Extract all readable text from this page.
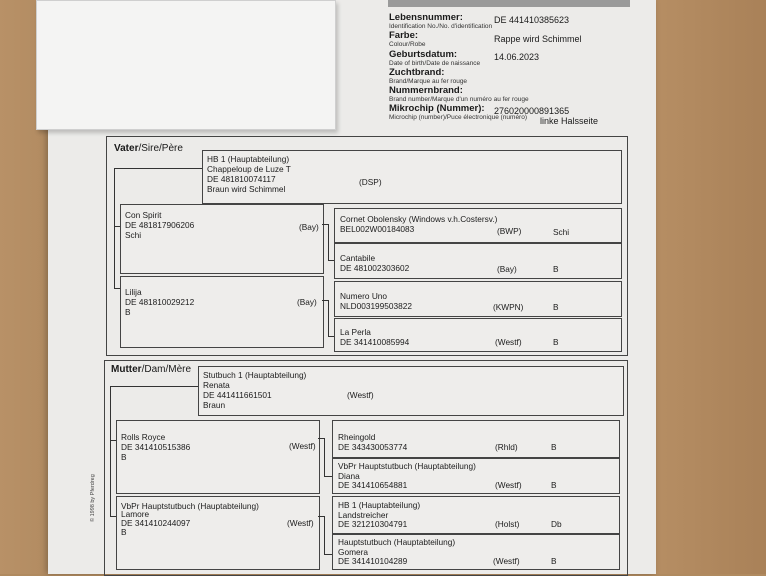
Lebensnummer:
Identification No./No. d'identification
DE 441410385623
Farbe:
Colour/Robe
Rappe wird Schimmel
Geburtsdatum:
Date of birth/Date de naissance
14.06.2023
Zuchtbrand:
Brand/Marque au fer rouge
Nummernbrand:
Brand number/Marque d'un numéro au fer rouge
Mikrochip (Nummer):
Microchip (number)/Puce électronique (numéro)
276020000891365
linke Halsseite
Vater/Sire/Père
HB 1 (Hauptabteilung)
Chappeloup de Luze T
DE 481810074117
Braun wird Schimmel
(DSP)
Con Spirit
DE 481817906206
Schi
(Bay)
Lilija
DE 481810029212
B
(Bay)
Cornet Obolensky (Windows v.h.Costersv.)
BEL002W00184083	(BWP)	Schi
Cantabile
DE 481002303602	(Bay)	B
Numero Uno
NLD003199503822	(KWPN)	B
La Perla
DE 341410085994	(Westf)	B
Mutter/Dam/Mère Stutbuch 1 (Hauptabteilung)
Renata
DE 441411661501
Braun
(Westf)
Rolls Royce
DE 341410515386
B
(Westf)
VbPr Hauptstutbuch (Hauptabteilung)
Lamore
DE 341410244097
B
(Westf)
Rheingold
DE 343430053774	(Rhld)	B
VbPr Hauptstutbuch (Hauptabteilung)
Diana
DE 341410654881	(Westf)	B
HB 1 (Hauptabteilung)
Landstreicher
DE 321210304791	(Holst)	Db
Hauptstutbuch (Hauptabteilung)
Gomera
DE 341410104289	(Westf)	B
© 1998 by Pferdreg
